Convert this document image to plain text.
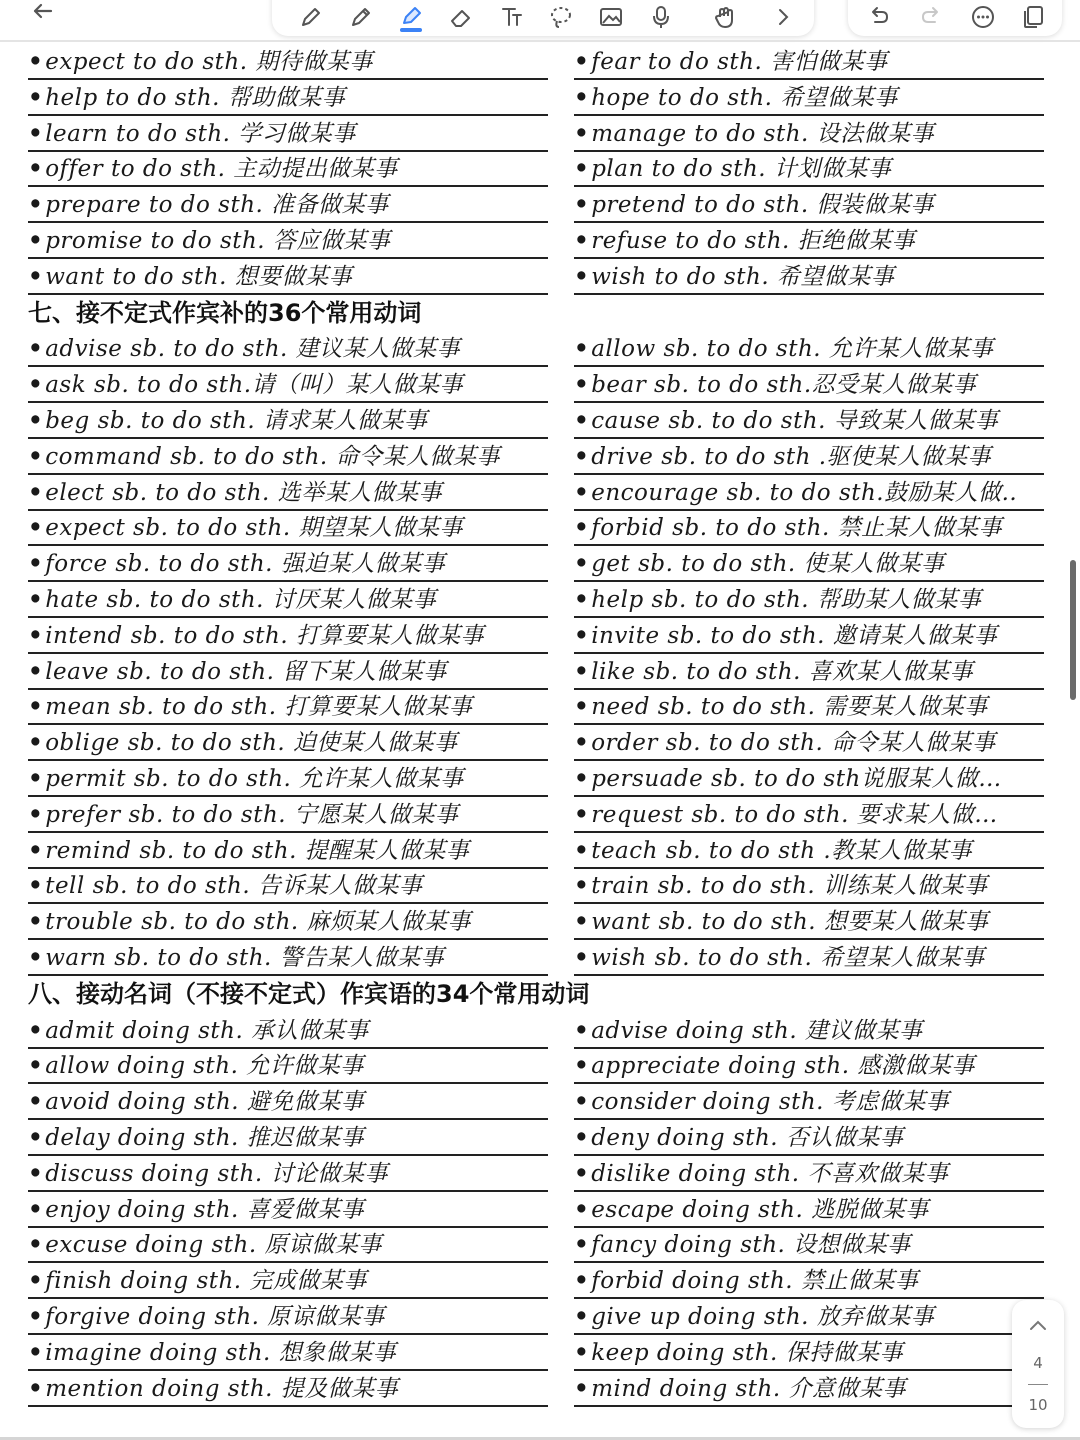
•expect to do sth. 期待做某事	•fear to do sth. 害怕做某事
•help to do sth. 帮助做某事	•hope to do sth. 希望做某事
•learn to do sth. 学习做某事	•manage to do sth. 设法做某事
•offer to do sth. 主动提出做某事	•plan to do sth. 计划做某事
•prepare to do sth. 准备做某事	•pretend to do sth. 假装做某事
•promise to do sth. 答应做某事	•refuse to do sth. 拒绝做某事
•want to do sth. 想要做某事	•wish to do sth. 希望做某事
七、接不定式作宾补的36个常用动词
•advise sb. to do sth. 建议某人做某事	•allow sb. to do sth. 允许某人做某事
•ask sb. to do sth.请（叫）某人做某事	•bear sb. to do sth.忍受某人做某事
•beg sb. to do sth. 请求某人做某事	•cause sb. to do sth. 导致某人做某事
•command sb. to do sth. 命令某人做某事	•drive sb. to do sth .驱使某人做某事
•elect sb. to do sth. 选举某人做某事	•encourage sb. to do sth.鼓励某人做..
•expect sb. to do sth. 期望某人做某事	•forbid sb. to do sth. 禁止某人做某事
•force sb. to do sth. 强迫某人做某事	•get sb. to do sth. 使某人做某事
•hate sb. to do sth. 讨厌某人做某事	•help sb. to do sth. 帮助某人做某事
•intend sb. to do sth. 打算要某人做某事	•invite sb. to do sth. 邀请某人做某事
•leave sb. to do sth. 留下某人做某事	•like sb. to do sth. 喜欢某人做某事
•mean sb. to do sth. 打算要某人做某事	•need sb. to do sth. 需要某人做某事
•oblige sb. to do sth. 迫使某人做某事	•order sb. to do sth. 命令某人做某事
•permit sb. to do sth. 允许某人做某事	•persuade sb. to do sth说服某人做…
•prefer sb. to do sth. 宁愿某人做某事	•request sb. to do sth. 要求某人做…
•remind sb. to do sth. 提醒某人做某事	•teach sb. to do sth .教某人做某事
•tell sb. to do sth. 告诉某人做某事	•train sb. to do sth. 训练某人做某事
•trouble sb. to do sth. 麻烦某人做某事	•want sb. to do sth. 想要某人做某事
•warn sb. to do sth. 警告某人做某事	•wish sb. to do sth. 希望某人做某事
八、接动名词（不接不定式）作宾语的34个常用动词
•admit doing sth. 承认做某事	•advise doing sth. 建议做某事
•allow doing sth. 允许做某事	•appreciate doing sth. 感激做某事
•avoid doing sth. 避免做某事	•consider doing sth. 考虑做某事
•delay doing sth. 推迟做某事	•deny doing sth. 否认做某事
•discuss doing sth. 讨论做某事	•dislike doing sth. 不喜欢做某事
•enjoy doing sth. 喜爱做某事	•escape doing sth. 逃脱做某事
•excuse doing sth. 原谅做某事	•fancy doing sth. 设想做某事
•finish doing sth. 完成做某事	•forbid doing sth. 禁止做某事
•forgive doing sth. 原谅做某事	•give up doing sth. 放弃做某事
•imagine doing sth. 想象做某事	•keep doing sth. 保持做某事
•mention doing sth. 提及做某事	•mind doing sth. 介意做某事
4
10
